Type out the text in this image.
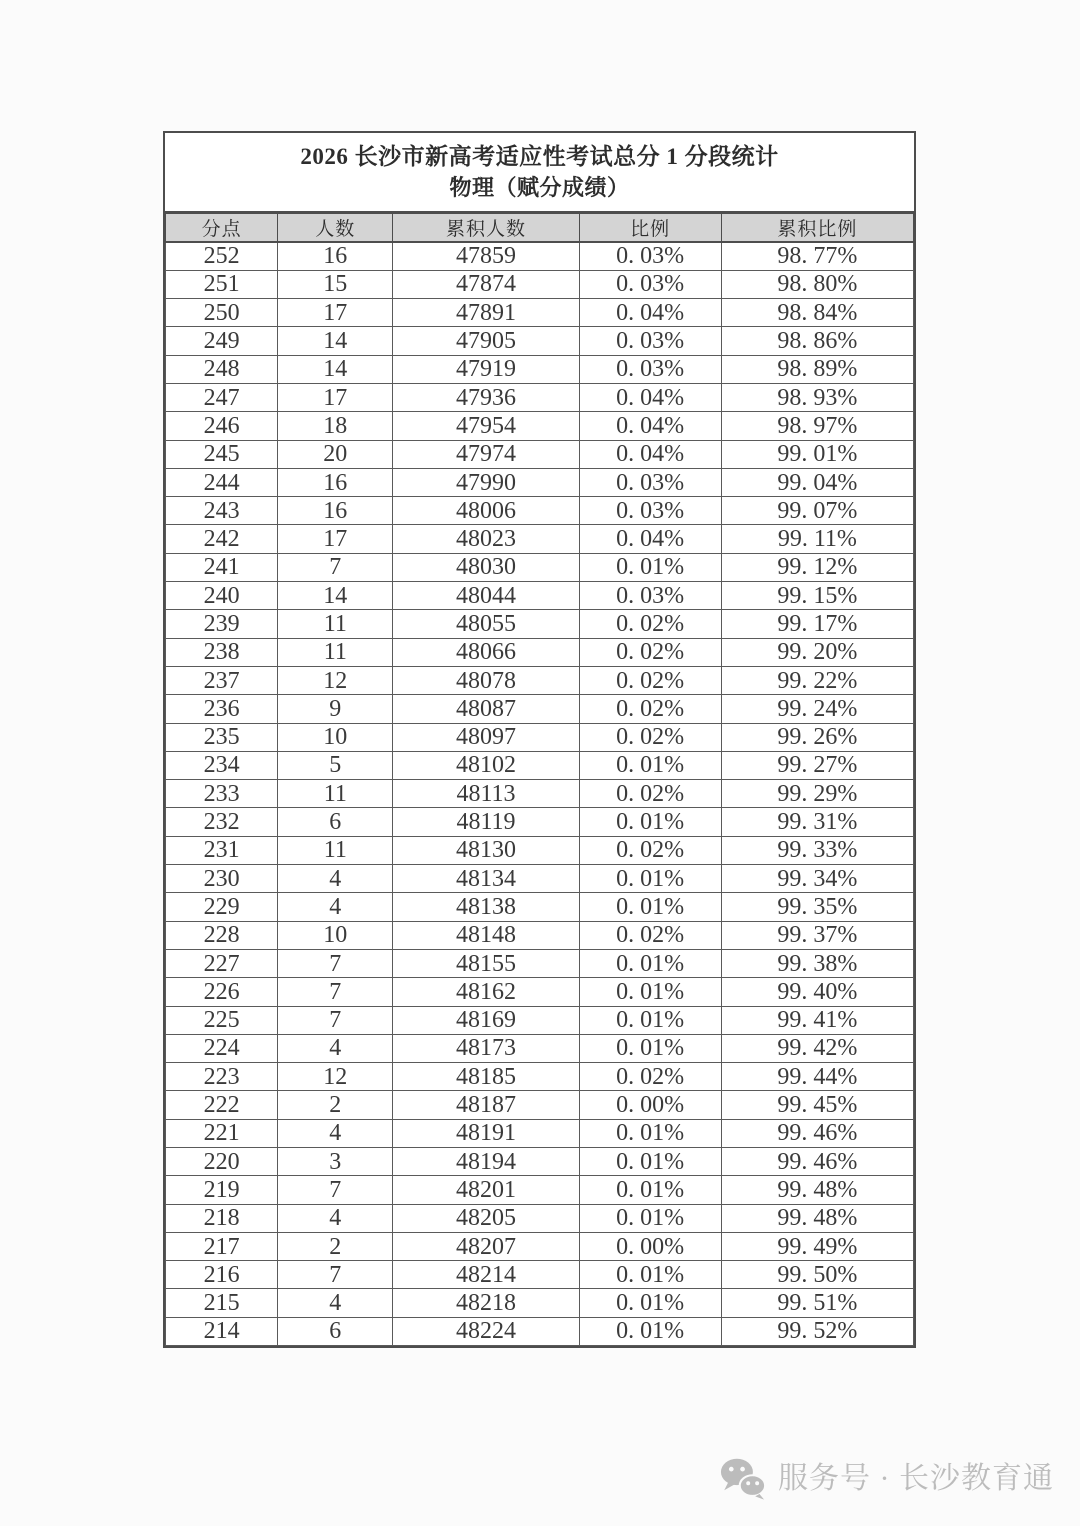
2026 长沙市新高考适应性考试总分 1 分段统计
物理（赋分成绩）
分点	人数	累积人数	比例	累积比例
252	16	47859	0. 03%	98. 77%
251	15	47874	0. 03%	98. 80%
250	17	47891	0. 04%	98. 84%
249	14	47905	0. 03%	98. 86%
248	14	47919	0. 03%	98. 89%
247	17	47936	0. 04%	98. 93%
246	18	47954	0. 04%	98. 97%
245	20	47974	0. 04%	99. 01%
244	16	47990	0. 03%	99. 04%
243	16	48006	0. 03%	99. 07%
242	17	48023	0. 04%	99. 11%
241	7	48030	0. 01%	99. 12%
240	14	48044	0. 03%	99. 15%
239	11	48055	0. 02%	99. 17%
238	11	48066	0. 02%	99. 20%
237	12	48078	0. 02%	99. 22%
236	9	48087	0. 02%	99. 24%
235	10	48097	0. 02%	99. 26%
234	5	48102	0. 01%	99. 27%
233	11	48113	0. 02%	99. 29%
232	6	48119	0. 01%	99. 31%
231	11	48130	0. 02%	99. 33%
230	4	48134	0. 01%	99. 34%
229	4	48138	0. 01%	99. 35%
228	10	48148	0. 02%	99. 37%
227	7	48155	0. 01%	99. 38%
226	7	48162	0. 01%	99. 40%
225	7	48169	0. 01%	99. 41%
224	4	48173	0. 01%	99. 42%
223	12	48185	0. 02%	99. 44%
222	2	48187	0. 00%	99. 45%
221	4	48191	0. 01%	99. 46%
220	3	48194	0. 01%	99. 46%
219	7	48201	0. 01%	99. 48%
218	4	48205	0. 01%	99. 48%
217	2	48207	0. 00%	99. 49%
216	7	48214	0. 01%	99. 50%
215	4	48218	0. 01%	99. 51%
214	6	48224	0. 01%	99. 52%
服务号 · 长沙教育通
